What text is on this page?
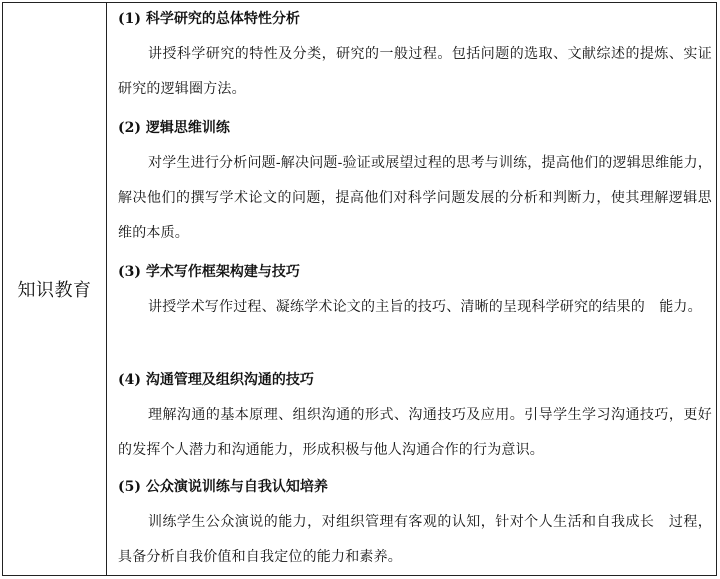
知识教育
(1) 科学研究的总体特性分析

讲授科学研究的特性及分类，研究的一般过程。包括问题的选取、文献综述的提炼、实证研究的逻辑圈方法。

(2) 逻辑思维训练

对学生进行分析问题-解决问题-验证或展望过程的思考与训练，提高他们的逻辑思维能力，解决他们的撰写学术论文的问题，提高他们对科学问题发展的分析和判断力，使其理解逻辑思维的本质。

(3) 学术写作框架构建与技巧

讲授学术写作过程、凝练学术论文的主旨的技巧、清晰的呈现科学研究的结果的　能力。

(4) 沟通管理及组织沟通的技巧

理解沟通的基本原理、组织沟通的形式、沟通技巧及应用。引导学生学习沟通技巧，更好的发挥个人潜力和沟通能力，形成积极与他人沟通合作的行为意识。

(5) 公众演说训练与自我认知培养

训练学生公众演说的能力，对组织管理有客观的认知，针对个人生活和自我成长　过程，具备分析自我价值和自我定位的能力和素养。
